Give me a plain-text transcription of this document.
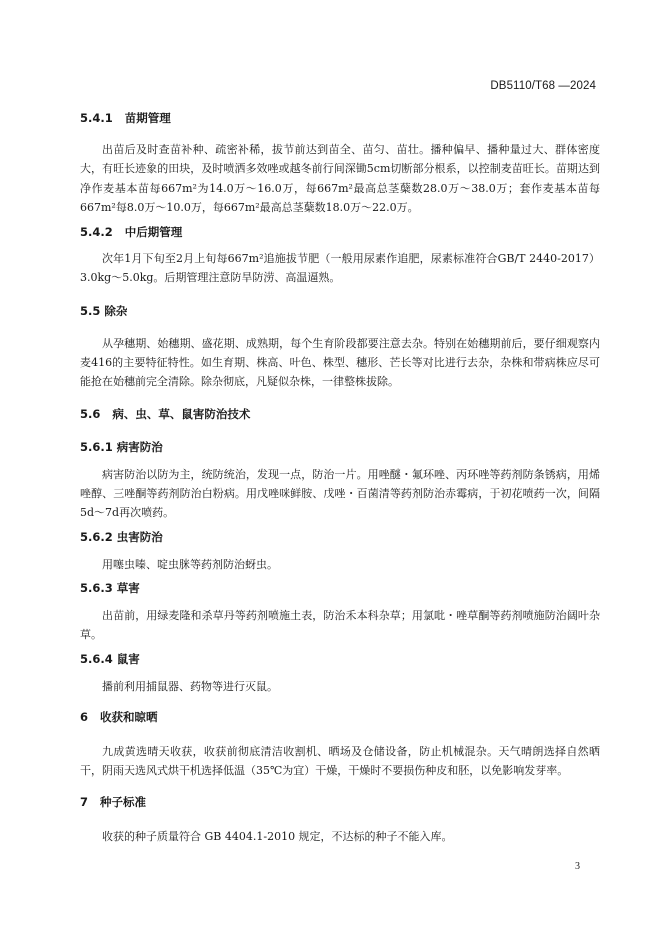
DB5110/T68 —2024

5.4.1   苗期管理

出苗后及时查苗补种、疏密补稀，拔节前达到苗全、苗匀、苗壮。播种偏早、播种量过大、群体密度大，有旺长迹象的田块，及时喷洒多效唑或越冬前行间深锄5cm切断部分根系，以控制麦苗旺长。苗期达到净作麦基本苗每667m²为14.0万～16.0万，每667m²最高总茎蘖数28.0万～38.0万；套作麦基本苗每667m²每8.0万～10.0万，每667m²最高总茎蘖数18.0万～22.0万。

5.4.2   中后期管理

次年1月下旬至2月上旬每667m²追施拔节肥（一般用尿素作追肥，尿素标准符合GB/T 2440-2017）3.0kg～5.0kg。后期管理注意防旱防涝、高温逼熟。

5.5 除杂

从孕穗期、始穗期、盛花期、成熟期，每个生育阶段都要注意去杂。特别在始穗期前后，要仔细观察内麦416的主要特征特性。如生育期、株高、叶色、株型、穗形、芒长等对比进行去杂，杂株和带病株应尽可能抢在始穗前完全清除。除杂彻底，凡疑似杂株，一律整株拔除。

5.6   病、虫、草、鼠害防治技术

5.6.1 病害防治

病害防治以防为主，统防统治，发现一点，防治一片。用唑醚・氟环唑、丙环唑等药剂防条锈病，用烯唑醇、三唑酮等药剂防治白粉病。用戊唑咪鲜胺、戊唑・百菌清等药剂防治赤霉病，于初花喷药一次，间隔5d～7d再次喷药。

5.6.2 虫害防治

用噻虫嗪、啶虫脒等药剂防治蚜虫。

5.6.3 草害

出苗前，用绿麦隆和杀草丹等药剂喷施土表，防治禾本科杂草；用氯吡・唑草酮等药剂喷施防治阔叶杂草。

5.6.4 鼠害

播前利用捕鼠器、药物等进行灭鼠。

6   收获和晾晒

九成黄选晴天收获，收获前彻底清洁收割机、晒场及仓储设备，防止机械混杂。天气晴朗选择自然晒干，阴雨天选风式烘干机选择低温（35℃为宜）干燥，干燥时不要损伤种皮和胚，以免影响发芽率。

7   种子标准

收获的种子质量符合 GB 4404.1-2010 规定，不达标的种子不能入库。

3
